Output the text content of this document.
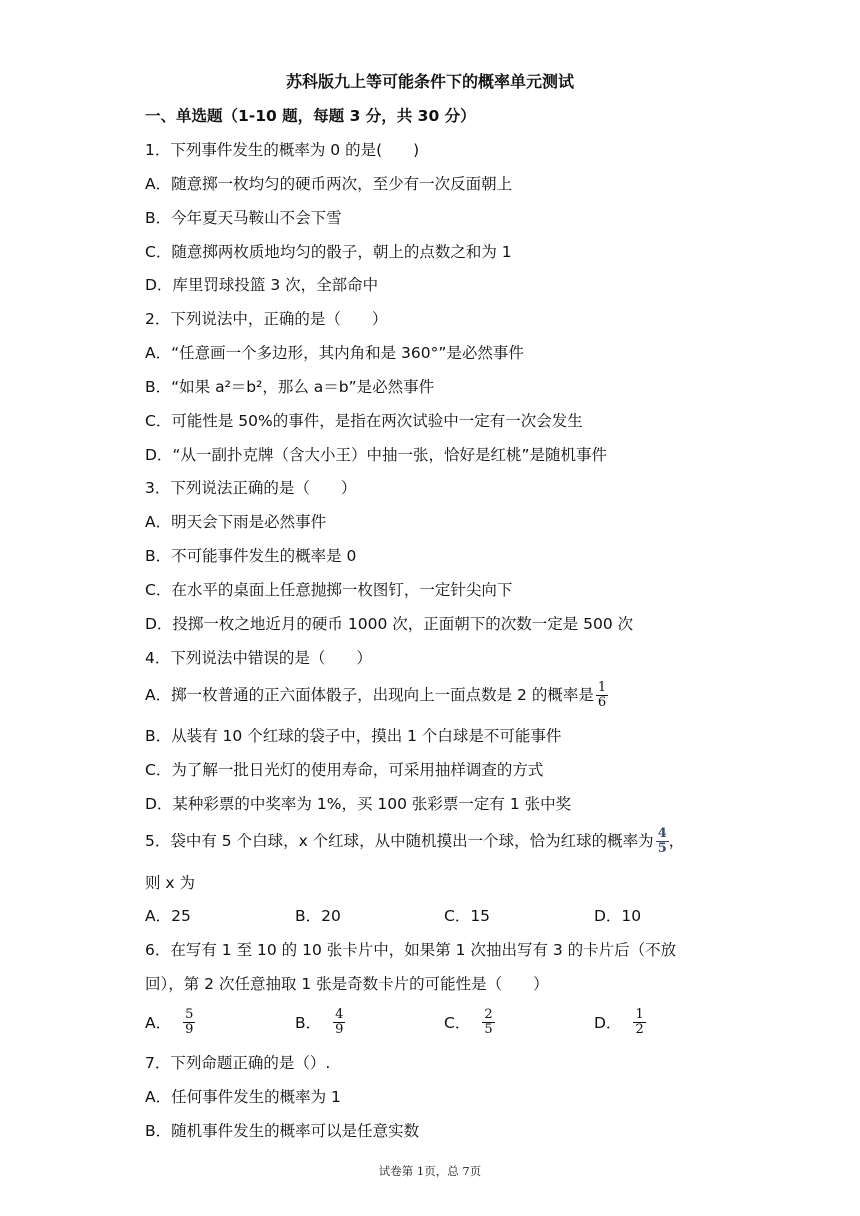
苏科版九上等可能条件下的概率单元测试
一、单选题（1-10 题，每题 3 分，共 30 分）
1．下列事件发生的概率为 0 的是(　　)
A．随意掷一枚均匀的硬币两次，至少有一次反面朝上
B．今年夏天马鞍山不会下雪
C．随意掷两枚质地均匀的骰子，朝上的点数之和为 1
D．库里罚球投篮 3 次，全部命中
2．下列说法中，正确的是（　　）
A．“任意画一个多边形，其内角和是 360°”是必然事件
B．“如果 a²＝b²，那么 a＝b”是必然事件
C．可能性是 50%的事件，是指在两次试验中一定有一次会发生
D．“从一副扑克牌（含大小王）中抽一张，恰好是红桃”是随机事件
3．下列说法正确的是（　　）
A．明天会下雨是必然事件
B．不可能事件发生的概率是 0
C．在水平的桌面上任意抛掷一枚图钉，一定针尖向下
D．投掷一枚之地近月的硬币 1000 次，正面朝下的次数一定是 500 次
4．下列说法中错误的是（　　）
A．掷一枚普通的正六面体骰子，出现向上一面点数是 2 的概率是 $\frac{1}{6}$
B．从装有 10 个红球的袋子中，摸出 1 个白球是不可能事件
C．为了解一批日光灯的使用寿命，可采用抽样调查的方式
D．某种彩票的中奖率为 1%，买 100 张彩票一定有 1 张中奖
5．袋中有 5 个白球，x 个红球，从中随机摸出一个球，恰为红球的概率为 $\frac{4}{5}$ ，
则 x 为
A．25	B．20	C．15	D．10
6．在写有 1 至 10 的 10 张卡片中，如果第 1 次抽出写有 3 的卡片后（不放
回），第 2 次任意抽取 1 张是奇数卡片的可能性是（　　）
A． $\frac{5}{9}$	B． $\frac{4}{9}$	C． $\frac{2}{5}$	D． $\frac{1}{2}$
7．下列命题正确的是（）.
A．任何事件发生的概率为 1
B．随机事件发生的概率可以是任意实数
试卷第 1页，总 7页
